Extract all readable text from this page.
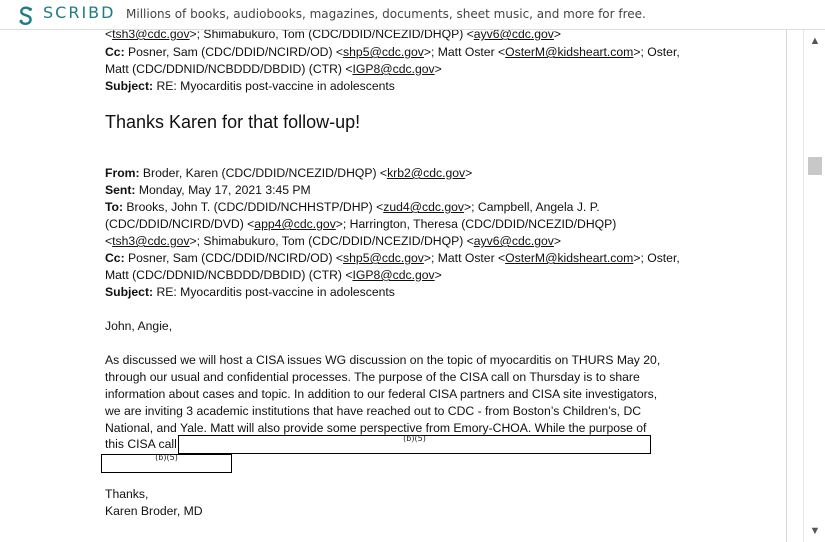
SCRIBD Millions of books, audiobooks, magazines, documents, sheet music, and more for free.
<tsh3@cdc.gov>; Shimabukuro, Tom (CDC/DDID/NCEZID/DHQP) <ayv6@cdc.gov>
Cc: Posner, Sam (CDC/DDID/NCIRD/OD) <shp5@cdc.gov>; Matt Oster <OsterM@kidsheart.com>; Oster,
Matt (CDC/DDNID/NCBDDD/DBDID) (CTR) <IGP8@cdc.gov>
Subject: RE: Myocarditis post-vaccine in adolescents
Thanks Karen for that follow-up!
From: Broder, Karen (CDC/DDID/NCEZID/DHQP) <krb2@cdc.gov>
Sent: Monday, May 17, 2021 3:45 PM
To: Brooks, John T. (CDC/DDID/NCHHSTP/DHP) <zud4@cdc.gov>; Campbell, Angela J. P.
(CDC/DDID/NCIRD/DVD) <app4@cdc.gov>; Harrington, Theresa (CDC/DDID/NCEZID/DHQP)
<tsh3@cdc.gov>; Shimabukuro, Tom (CDC/DDID/NCEZID/DHQP) <ayv6@cdc.gov>
Cc: Posner, Sam (CDC/DDID/NCIRD/OD) <shp5@cdc.gov>; Matt Oster <OsterM@kidsheart.com>; Oster,
Matt (CDC/DDNID/NCBDDD/DBDID) (CTR) <IGP8@cdc.gov>
Subject: RE: Myocarditis post-vaccine in adolescents
John, Angie,
As discussed we will host a CISA issues WG discussion on the topic of myocarditis on THURS May 20,
through our usual and confidential processes. The purpose of the CISA call on Thursday is to share
information about cases and topic. In addition to our federal CISA partners and CISA site investigators,
we are inviting 3 academic institutions that have reached out to CDC - from Boston’s Children’s, DC
National, and Yale. Matt will also provide some perspective from Emory-CHOA. While the purpose of
this CISA call	(b)(5)
(b)(5)
Thanks,
Karen Broder, MD
▲
▼
